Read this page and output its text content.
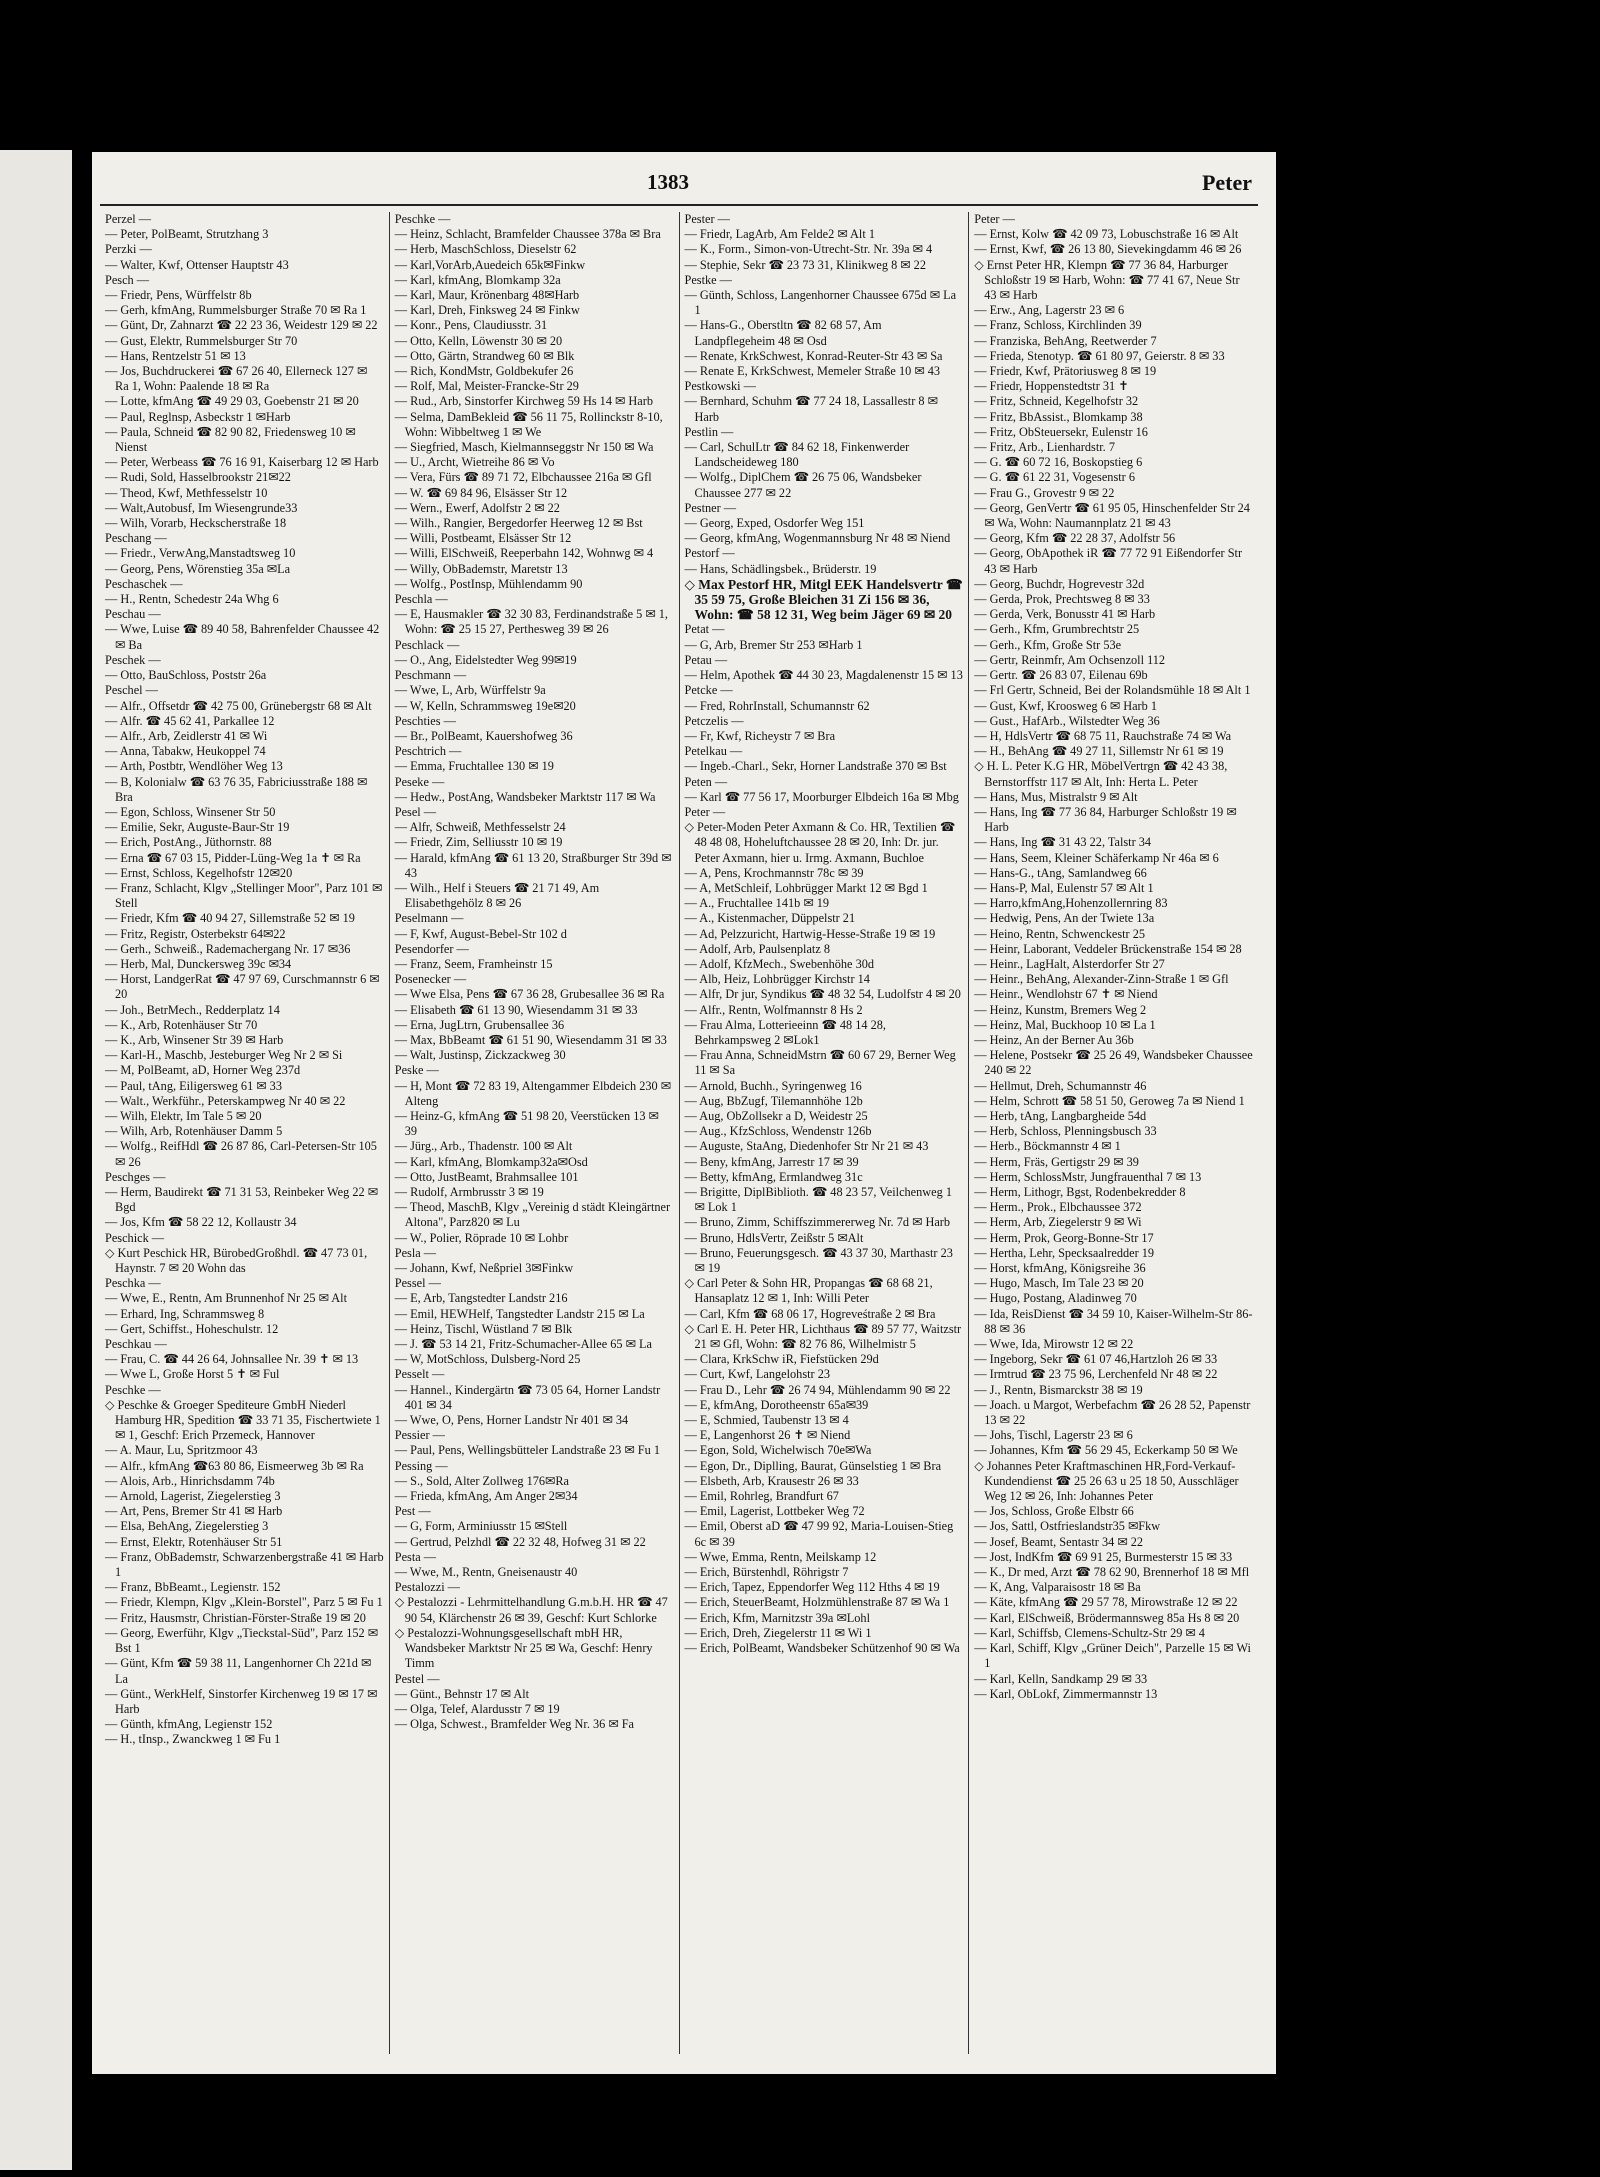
1383	Peter
Perzel —
— Peter, PolBeamt, Strutzhang 3
Perzki —
— Walter, Kwf, Ottenser Hauptstr 43
Pesch —
— Friedr, Pens, Würffelstr 8b
— Gerh, kfmAng, Rummelsburger Straße 70 ✉ Ra 1
— Günt, Dr, Zahnarzt ☎ 22 23 36, Weidestr 129 ✉ 22
— Gust, Elektr, Rummelsburger Str 70
— Hans, Rentzelstr 51 ✉ 13
— Jos, Buchdruckerei ☎ 67 26 40, Ellerneck 127 ✉ Ra 1, Wohn: Paalende 18 ✉ Ra
— Lotte, kfmAng ☎ 49 29 03, Goebenstr 21 ✉ 20
— Paul, Reglnsp, Asbeckstr 1 ✉Harb
— Paula, Schneid ☎ 82 90 82, Friedensweg 10 ✉ Nienst
— Peter, Werbeass ☎ 76 16 91, Kaiserbarg 12 ✉ Harb
— Rudi, Sold, Hasselbrookstr 21✉22
— Theod, Kwf, Methfesselstr 10
— Walt,Autobusf, Im Wiesengrunde33
— Wilh, Vorarb, Heckscherstraße 18
Peschang —
— Friedr., VerwAng,Manstadtsweg 10
— Georg, Pens, Wörenstieg 35a ✉La
Peschaschek —
— H., Rentn, Schedestr 24a Whg 6
Peschau —
— Wwe, Luise ☎ 89 40 58, Bahrenfelder Chaussee 42 ✉ Ba
Peschek —
— Otto, BauSchloss, Poststr 26a
Peschel —
— Alfr., Offsetdr ☎ 42 75 00, Grünebergstr 68 ✉ Alt
— Alfr. ☎ 45 62 41, Parkallee 12
— Alfr., Arb, Zeidlerstr 41 ✉ Wi
— Anna, Tabakw, Heukoppel 74
— Arth, Postbtr, Wendlöher Weg 13
— B, Kolonialw ☎ 63 76 35, Fabriciusstraße 188 ✉ Bra
— Egon, Schloss, Winsener Str 50
— Emilie, Sekr, Auguste-Baur-Str 19
— Erich, PostAng., Jüthornstr. 88
— Erna ☎ 67 03 15, Pidder-Lüng-Weg 1a ✝ ✉ Ra
— Ernst, Schloss, Kegelhofstr 12✉20
— Franz, Schlacht, Klgv „Stellinger Moor", Parz 101 ✉ Stell
— Friedr, Kfm ☎ 40 94 27, Sillemstraße 52 ✉ 19
— Fritz, Registr, Osterbekstr 64✉22
— Gerh., Schweiß., Rademachergang Nr. 17 ✉36
— Herb, Mal, Dunckersweg 39c ✉34
— Horst, LandgerRat ☎ 47 97 69, Curschmannstr 6 ✉ 20
— Joh., BetrMech., Redderplatz 14
— K., Arb, Rotenhäuser Str 70
— K., Arb, Winsener Str 39 ✉ Harb
— Karl-H., Maschb, Jesteburger Weg Nr 2 ✉ Si
— M, PolBeamt, aD, Horner Weg 237d
— Paul, tAng, Eiligersweg 61 ✉ 33
— Walt., Werkführ., Peterskampweg Nr 40 ✉ 22
— Wilh, Elektr, Im Tale 5 ✉ 20
— Wilh, Arb, Rotenhäuser Damm 5
— Wolfg., ReifHdl ☎ 26 87 86, Carl-Petersen-Str 105 ✉ 26
Peschges —
— Herm, Baudirekt ☎ 71 31 53, Reinbeker Weg 22 ✉ Bgd
— Jos, Kfm ☎ 58 22 12, Kollaustr 34
Peschick —
◇ Kurt Peschick HR, BürobedGroßhdl. ☎ 47 73 01, Haynstr. 7 ✉ 20 Wohn das
Peschka —
— Wwe, E., Rentn, Am Brunnenhof Nr 25 ✉ Alt
— Erhard, Ing, Schrammsweg 8
— Gert, Schiffst., Hoheschulstr. 12
Peschkau —
— Frau, C. ☎ 44 26 64, Johnsallee Nr. 39 ✝ ✉ 13
— Wwe L, Große Horst 5 ✝ ✉ Ful
Peschke —
◇ Peschke & Groeger Spediteure GmbH Niederl Hamburg HR, Spedition ☎ 33 71 35, Fischertwiete 1 ✉ 1, Geschf: Erich Przemeck, Hannover
— A. Maur, Lu, Spritzmoor 43
— Alfr., kfmAng ☎63 80 86, Eismeerweg 3b ✉ Ra
— Alois, Arb., Hinrichsdamm 74b
— Arnold, Lagerist, Ziegelerstieg 3
— Art, Pens, Bremer Str 41 ✉ Harb
— Elsa, BehAng, Ziegelerstieg 3
— Ernst, Elektr, Rotenhäuser Str 51
— Franz, ObBademstr, Schwarzenbergstraße 41 ✉ Harb 1
— Franz, BbBeamt., Legienstr. 152
— Friedr, Klempn, Klgv „Klein-Borstel", Parz 5 ✉ Fu 1
— Fritz, Hausmstr, Christian-Förster-Straße 19 ✉ 20
— Georg, Ewerführ, Klgv „Tieckstal-Süd", Parz 152 ✉ Bst 1
— Günt, Kfm ☎ 59 38 11, Langenhorner Ch 221d ✉ La
— Günt., WerkHelf, Sinstorfer Kirchenweg 19 ✉ 17 ✉ Harb
— Günth, kfmAng, Legienstr 152
— H., tInsp., Zwanckweg 1 ✉ Fu 1
Peschke —
— Heinz, Schlacht, Bramfelder Chaussee 378a ✉ Bra
— Herb, MaschSchloss, Dieselstr 62
— Karl,VorArb,Auedeich 65k✉Finkw
— Karl, kfmAng, Blomkamp 32a
— Karl, Maur, Krönenbarg 48✉Harb
— Karl, Dreh, Finksweg 24 ✉ Finkw
— Konr., Pens, Claudiusstr. 31
— Otto, Kelln, Löwenstr 30 ✉ 20
— Otto, Gärtn, Strandweg 60 ✉ Blk
— Rich, KondMstr, Goldbekufer 26
— Rolf, Mal, Meister-Francke-Str 29
— Rud., Arb, Sinstorfer Kirchweg 59 Hs 14 ✉ Harb
— Selma, DamBekleid ☎ 56 11 75, Rollinckstr 8-10, Wohn: Wibbeltweg 1 ✉ We
— Siegfried, Masch, Kielmannseggstr Nr 150 ✉ Wa
— U., Archt, Wietreihe 86 ✉ Vo
— Vera, Fürs ☎ 89 71 72, Elbchaussee 216a ✉ Gfl
— W. ☎ 69 84 96, Elsässer Str 12
— Wern., Ewerf, Adolfstr 2 ✉ 22
— Wilh., Rangier, Bergedorfer Heerweg 12 ✉ Bst
— Willi, Postbeamt, Elsässer Str 12
— Willi, ElSchweiß, Reeperbahn 142, Wohnwg ✉ 4
— Willy, ObBademstr, Maretstr 13
— Wolfg., PostInsp, Mühlendamm 90
Peschla —
— E, Hausmakler ☎ 32 30 83, Ferdinandstraße 5 ✉ 1, Wohn: ☎ 25 15 27, Perthesweg 39 ✉ 26
Peschlack —
— O., Ang, Eidelstedter Weg 99✉19
Peschmann —
— Wwe, L, Arb, Würffelstr 9a
— W, Kelln, Schrammsweg 19e✉20
Peschties —
— Br., PolBeamt, Kauershofweg 36
Peschtrich —
— Emma, Fruchtallee 130 ✉ 19
Peseke —
— Hedw., PostAng, Wandsbeker Marktstr 117 ✉ Wa
Pesel —
— Alfr, Schweiß, Methfesselstr 24
— Friedr, Zim, Selliusstr 10 ✉ 19
— Harald, kfmAng ☎ 61 13 20, Straßburger Str 39d ✉ 43
— Wilh., Helf i Steuers ☎ 21 71 49, Am Elisabethgehölz 8 ✉ 26
Peselmann —
— F, Kwf, August-Bebel-Str 102 d
Pesendorfer —
— Franz, Seem, Framheinstr 15
Posenecker —
— Wwe Elsa, Pens ☎ 67 36 28, Grubesallee 36 ✉ Ra
— Elisabeth ☎ 61 13 90, Wiesendamm 31 ✉ 33
— Erna, JugLtrn, Grubensallee 36
— Max, BbBeamt ☎ 61 51 90, Wiesendamm 31 ✉ 33
— Walt, Justinsp, Zickzackweg 30
Peske —
— H, Mont ☎ 72 83 19, Altengammer Elbdeich 230 ✉ Alteng
— Heinz-G, kfmAng ☎ 51 98 20, Veerstücken 13 ✉ 39
— Jürg., Arb., Thadenstr. 100 ✉ Alt
— Karl, kfmAng, Blomkamp32a✉Osd
— Otto, JustBeamt, Brahmsallee 101
— Rudolf, Armbrusstr 3 ✉ 19
— Theod, MaschB, Klgv „Vereinig d städt Kleingärtner Altona", Parz820 ✉ Lu
— W., Polier, Röprade 10 ✉ Lohbr
Pesla —
— Johann, Kwf, Neßpriel 3✉Finkw
Pessel —
— E, Arb, Tangstedter Landstr 216
— Emil, HEWHelf, Tangstedter Landstr 215 ✉ La
— Heinz, Tischl, Wüstland 7 ✉ Blk
— J. ☎ 53 14 21, Fritz-Schumacher-Allee 65 ✉ La
— W, MotSchloss, Dulsberg-Nord 25
Pesselt —
— Hannel., Kindergärtn ☎ 73 05 64, Horner Landstr 401 ✉ 34
— Wwe, O, Pens, Horner Landstr Nr 401 ✉ 34
Pessier —
— Paul, Pens, Wellingsbütteler Landstraße 23 ✉ Fu 1
Pessing —
— S., Sold, Alter Zollweg 176✉Ra
— Frieda, kfmAng, Am Anger 2✉34
Pest —
— G, Form, Arminiusstr 15 ✉Stell
— Gertrud, Pelzhdl ☎ 22 32 48, Hofweg 31 ✉ 22
Pesta —
— Wwe, M., Rentn, Gneisenaustr 40
Pestalozzi —
◇ Pestalozzi - Lehrmittelhandlung G.m.b.H. HR ☎ 47 90 54, Klärchenstr 26 ✉ 39, Geschf: Kurt Schlorke
◇ Pestalozzi-Wohnungsgesellschaft mbH HR, Wandsbeker Marktstr Nr 25 ✉ Wa, Geschf: Henry Timm
Pestel —
— Günt., Behnstr 17 ✉ Alt
— Olga, Telef, Alardusstr 7 ✉ 19
— Olga, Schwest., Bramfelder Weg Nr. 36 ✉ Fa
Pester —
— Friedr, LagArb, Am Felde2 ✉ Alt 1
— K., Form., Simon-von-Utrecht-Str. Nr. 39a ✉ 4
— Stephie, Sekr ☎ 23 73 31, Klinikweg 8 ✉ 22
Pestke —
— Günth, Schloss, Langenhorner Chaussee 675d ✉ La 1
— Hans-G., Oberstltn ☎ 82 68 57, Am Landpflegeheim 48 ✉ Osd
— Renate, KrkSchwest, Konrad-Reuter-Str 43 ✉ Sa
— Renate E, KrkSchwest, Memeler Straße 10 ✉ 43
Pestkowski —
— Bernhard, Schuhm ☎ 77 24 18, Lassallestr 8 ✉ Harb
Pestlin —
— Carl, SchulLtr ☎ 84 62 18, Finkenwerder Landscheideweg 180
— Wolfg., DiplChem ☎ 26 75 06, Wandsbeker Chaussee 277 ✉ 22
Pestner —
— Georg, Exped, Osdorfer Weg 151
— Georg, kfmAng, Wogenmannsburg Nr 48 ✉ Niend
Pestorf —
— Hans, Schädlingsbek., Brüderstr. 19
◇ Max Pestorf HR, Mitgl EEK Handelsvertr ☎ 35 59 75, Große Bleichen 31 Zi 156 ✉ 36, Wohn: ☎ 58 12 31, Weg beim Jäger 69 ✉ 20
Petat —
— G, Arb, Bremer Str 253 ✉Harb 1
Petau —
— Helm, Apothek ☎ 44 30 23, Magdalenenstr 15 ✉ 13
Petcke —
— Fred, RohrInstall, Schumannstr 62
Petczelis —
— Fr, Kwf, Richeystr 7 ✉ Bra
Petelkau —
— Ingeb.-Charl., Sekr, Horner Landstraße 370 ✉ Bst
Peten —
— Karl ☎ 77 56 17, Moorburger Elbdeich 16a ✉ Mbg
Peter —
◇ Peter-Moden Peter Axmann & Co. HR, Textilien ☎ 48 48 08, Hoheluftchaussee 28 ✉ 20, Inh: Dr. jur. Peter Axmann, hier u. Irmg. Axmann, Buchloe
— A, Pens, Krochmannstr 78c ✉ 39
— A, MetSchleif, Lohbrügger Markt 12 ✉ Bgd 1
— A., Fruchtallee 141b ✉ 19
— A., Kistenmacher, Düppelstr 21
— Ad, Pelzzuricht, Hartwig-Hesse-Straße 19 ✉ 19
— Adolf, Arb, Paulsenplatz 8
— Adolf, KfzMech., Swebenhöhe 30d
— Alb, Heiz, Lohbrügger Kirchstr 14
— Alfr, Dr jur, Syndikus ☎ 48 32 54, Ludolfstr 4 ✉ 20
— Alfr., Rentn, Wolfmannstr 8 Hs 2
— Frau Alma, Lotterieeinn ☎ 48 14 28, Behrkampsweg 2 ✉Lok1
— Frau Anna, SchneidMstrn ☎ 60 67 29, Berner Weg 11 ✉ Sa
— Arnold, Buchh., Syringenweg 16
— Aug, BbZugf, Tilemannhöhe 12b
— Aug, ObZollsekr a D, Weidestr 25
— Aug., KfzSchloss, Wendenstr 126b
— Auguste, StaAng, Diedenhofer Str Nr 21 ✉ 43
— Beny, kfmAng, Jarrestr 17 ✉ 39
— Betty, kfmAng, Ermlandweg 31c
— Brigitte, DiplBiblioth. ☎ 48 23 57, Veilchenweg 1 ✉ Lok 1
— Bruno, Zimm, Schiffszimmererweg Nr. 7d ✉ Harb
— Bruno, HdlsVertr, Zeißstr 5 ✉Alt
— Bruno, Feuerungsgesch. ☎ 43 37 30, Marthastr 23 ✉ 19
◇ Carl Peter & Sohn HR, Propangas ☎ 68 68 21, Hansaplatz 12 ✉ 1, Inh: Willi Peter
— Carl, Kfm ☎ 68 06 17, Hogreveśtraße 2 ✉ Bra
◇ Carl E. H. Peter HR, Lichthaus ☎ 89 57 77, Waitzstr 21 ✉ Gfl, Wohn: ☎ 82 76 86, Wilhelmistr 5
— Clara, KrkSchw iR, Fiefstücken 29d
— Curt, Kwf, Langelohstr 23
— Frau D., Lehr ☎ 26 74 94, Mühlendamm 90 ✉ 22
— E, kfmAng, Dorotheenstr 65a✉39
— E, Schmied, Taubenstr 13 ✉ 4
— E, Langenhorst 26 ✝ ✉ Niend
— Egon, Sold, Wichelwisch 70e✉Wa
— Egon, Dr., Diplling, Baurat, Günselstieg 1 ✉ Bra
— Elsbeth, Arb, Krausestr 26 ✉ 33
— Emil, Rohrleg, Brandfurt 67
— Emil, Lagerist, Lottbeker Weg 72
— Emil, Oberst aD ☎ 47 99 92, Maria-Louisen-Stieg 6c ✉ 39
— Wwe, Emma, Rentn, Meilskamp 12
— Erich, Bürstenhdl, Röhrigstr 7
— Erich, Tapez, Eppendorfer Weg 112 Hths 4 ✉ 19
— Erich, SteuerBeamt, Holzmühlenstraße 87 ✉ Wa 1
— Erich, Kfm, Marnitzstr 39a ✉Lohl
— Erich, Dreh, Ziegelerstr 11 ✉ Wi 1
— Erich, PolBeamt, Wandsbeker Schützenhof 90 ✉ Wa
Peter —
— Ernst, Kolw ☎ 42 09 73, Lobuschstraße 16 ✉ Alt
— Ernst, Kwf, ☎ 26 13 80, Sievekingdamm 46 ✉ 26
◇ Ernst Peter HR, Klempn ☎ 77 36 84, Harburger Schloßstr 19 ✉ Harb, Wohn: ☎ 77 41 67, Neue Str 43 ✉ Harb
— Erw., Ang, Lagerstr 23 ✉ 6
— Franz, Schloss, Kirchlinden 39
— Franziska, BehAng, Reetwerder 7
— Frieda, Stenotyp. ☎ 61 80 97, Geierstr. 8 ✉ 33
— Friedr, Kwf, Prätoriusweg 8 ✉ 19
— Friedr, Hoppenstedtstr 31 ✝
— Fritz, Schneid, Kegelhofstr 32
— Fritz, BbAssist., Blomkamp 38
— Fritz, ObSteuersekr, Eulenstr 16
— Fritz, Arb., Lienhardstr. 7
— G. ☎ 60 72 16, Boskopstieg 6
— G. ☎ 61 22 31, Vogesenstr 6
— Frau G., Grovestr 9 ✉ 22
— Georg, GenVertr ☎ 61 95 05, Hinschenfelder Str 24 ✉ Wa, Wohn: Naumannplatz 21 ✉ 43
— Georg, Kfm ☎ 22 28 37, Adolfstr 56
— Georg, ObApothek iR ☎ 77 72 91 Eißendorfer Str 43 ✉ Harb
— Georg, Buchdr, Hogrevestr 32d
— Gerda, Prok, Prechtsweg 8 ✉ 33
— Gerda, Verk, Bonusstr 41 ✉ Harb
— Gerh., Kfm, Grumbrechtstr 25
— Gerh., Kfm, Große Str 53e
— Gertr, Reinmfr, Am Ochsenzoll 112
— Gertr. ☎ 26 83 07, Eilenau 69b
— Frl Gertr, Schneid, Bei der Rolandsmühle 18 ✉ Alt 1
— Gust, Kwf, Kroosweg 6 ✉ Harb 1
— Gust., HafArb., Wilstedter Weg 36
— H, HdlsVertr ☎ 68 75 11, Rauchstraße 74 ✉ Wa
— H., BehAng ☎ 49 27 11, Sillemstr Nr 61 ✉ 19
◇ H. L. Peter K.G HR, MöbelVertrgn ☎ 42 43 38, Bernstorffstr 117 ✉ Alt, Inh: Herta L. Peter
— Hans, Mus, Mistralstr 9 ✉ Alt
— Hans, Ing ☎ 77 36 84, Harburger Schloßstr 19 ✉ Harb
— Hans, Ing ☎ 31 43 22, Talstr 34
— Hans, Seem, Kleiner Schäferkamp Nr 46a ✉ 6
— Hans-G., tAng, Samlandweg 66
— Hans-P, Mal, Eulenstr 57 ✉ Alt 1
— Harro,kfmAng,Hohenzollernring 83
— Hedwig, Pens, An der Twiete 13a
— Heino, Rentn, Schwenckestr 25
— Heinr, Laborant, Veddeler Brückenstraße 154 ✉ 28
— Heinr., LagHalt, Alsterdorfer Str 27
— Heinr., BehAng, Alexander-Zinn-Straße 1 ✉ Gfl
— Heinr., Wendlohstr 67 ✝ ✉ Niend
— Heinz, Kunstm, Bremers Weg 2
— Heinz, Mal, Buckhoop 10 ✉ La 1
— Heinz, An der Berner Au 36b
— Helene, Postsekr ☎ 25 26 49, Wandsbeker Chaussee 240 ✉ 22
— Hellmut, Dreh, Schumannstr 46
— Helm, Schrott ☎ 58 51 50, Geroweg 7a ✉ Niend 1
— Herb, tAng, Langbargheide 54d
— Herb, Schloss, Plenningsbusch 33
— Herb., Böckmannstr 4 ✉ 1
— Herm, Fräs, Gertigstr 29 ✉ 39
— Herm, SchlossMstr, Jungfrauenthal 7 ✉ 13
— Herm, Lithogr, Bgst, Rodenbekredder 8
— Herm., Prok., Elbchaussee 372
— Herm, Arb, Ziegelerstr 9 ✉ Wi
— Herm, Prok, Georg-Bonne-Str 17
— Hertha, Lehr, Specksaalredder 19
— Horst, kfmAng, Königsreihe 36
— Hugo, Masch, Im Tale 23 ✉ 20
— Hugo, Postang, Aladinweg 70
— Ida, ReisDienst ☎ 34 59 10, Kaiser-Wilhelm-Str 86-88 ✉ 36
— Wwe, Ida, Mirowstr 12 ✉ 22
— Ingeborg, Sekr ☎ 61 07 46,Hartzloh 26 ✉ 33
— Irmtrud ☎ 23 75 96, Lerchenfeld Nr 48 ✉ 22
— J., Rentn, Bismarckstr 38 ✉ 19
— Joach. u Margot, Werbefachm ☎ 26 28 52, Papenstr 13 ✉ 22
— Johs, Tischl, Lagerstr 23 ✉ 6
— Johannes, Kfm ☎ 56 29 45, Eckerkamp 50 ✉ We
◇ Johannes Peter Kraftmaschinen HR,Ford-Verkauf-Kundendienst ☎ 25 26 63 u 25 18 50, Ausschläger Weg 12 ✉ 26, Inh: Johannes Peter
— Jos, Schloss, Große Elbstr 66
— Jos, Sattl, Ostfrieslandstr35 ✉Fkw
— Josef, Beamt, Sentastr 34 ✉ 22
— Jost, IndKfm ☎ 69 91 25, Burmesterstr 15 ✉ 33
— K., Dr med, Arzt ☎ 78 62 90, Brennerhof 18 ✉ Mfl
— K, Ang, Valparaisostr 18 ✉ Ba
— Käte, kfmAng ☎ 29 57 78, Mirowstraße 12 ✉ 22
— Karl, ElSchweiß, Brödermannsweg 85a Hs 8 ✉ 20
— Karl, Schiffsb, Clemens-Schultz-Str 29 ✉ 4
— Karl, Schiff, Klgv „Grüner Deich", Parzelle 15 ✉ Wi 1
— Karl, Kelln, Sandkamp 29 ✉ 33
— Karl, ObLokf, Zimmermannstr 13
